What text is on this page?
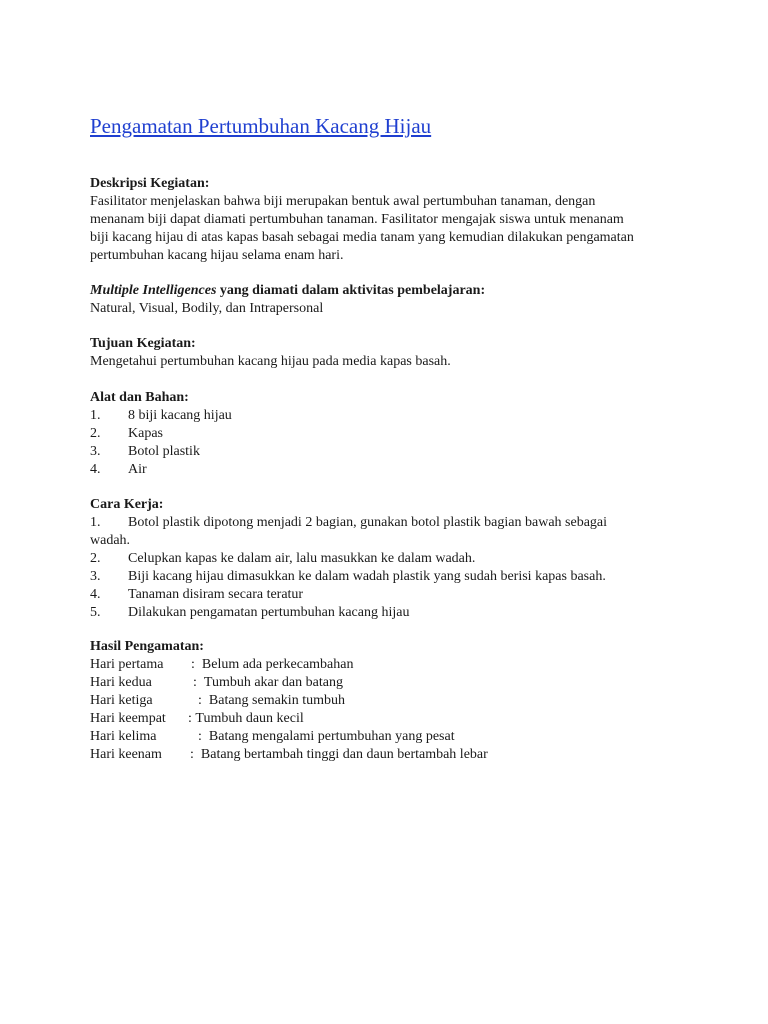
Pengamatan Pertumbuhan Kacang Hijau
Deskripsi Kegiatan:
Fasilitator menjelaskan bahwa biji merupakan bentuk awal pertumbuhan tanaman, dengan
menanam biji dapat diamati pertumbuhan tanaman. Fasilitator mengajak siswa untuk menanam
biji kacang hijau di atas kapas basah sebagai media tanam yang kemudian dilakukan pengamatan
pertumbuhan kacang hijau selama enam hari.
Multiple Intelligences yang diamati dalam aktivitas pembelajaran:
Natural, Visual, Bodily, dan Intrapersonal
Tujuan Kegiatan:
Mengetahui pertumbuhan kacang hijau pada media kapas basah.
Alat dan Bahan:
1. 8 biji kacang hijau
2. Kapas
3. Botol plastik
4. Air
Cara Kerja:
1. Botol plastik dipotong menjadi 2 bagian, gunakan botol plastik bagian bawah sebagai
wadah.
2. Celupkan kapas ke dalam air, lalu masukkan ke dalam wadah.
3. Biji kacang hijau dimasukkan ke dalam wadah plastik yang sudah berisi kapas basah.
4. Tanaman disiram secara teratur
5. Dilakukan pengamatan pertumbuhan kacang hijau
Hasil Pengamatan:
Hari pertama :  Belum ada perkecambahan
Hari kedua	:  Tumbuh akar dan batang
Hari ketiga	:  Batang semakin tumbuh
Hari keempat : Tumbuh daun kecil
Hari kelima	:  Batang mengalami pertumbuhan yang pesat
Hari keenam :  Batang bertambah tinggi dan daun bertambah lebar
